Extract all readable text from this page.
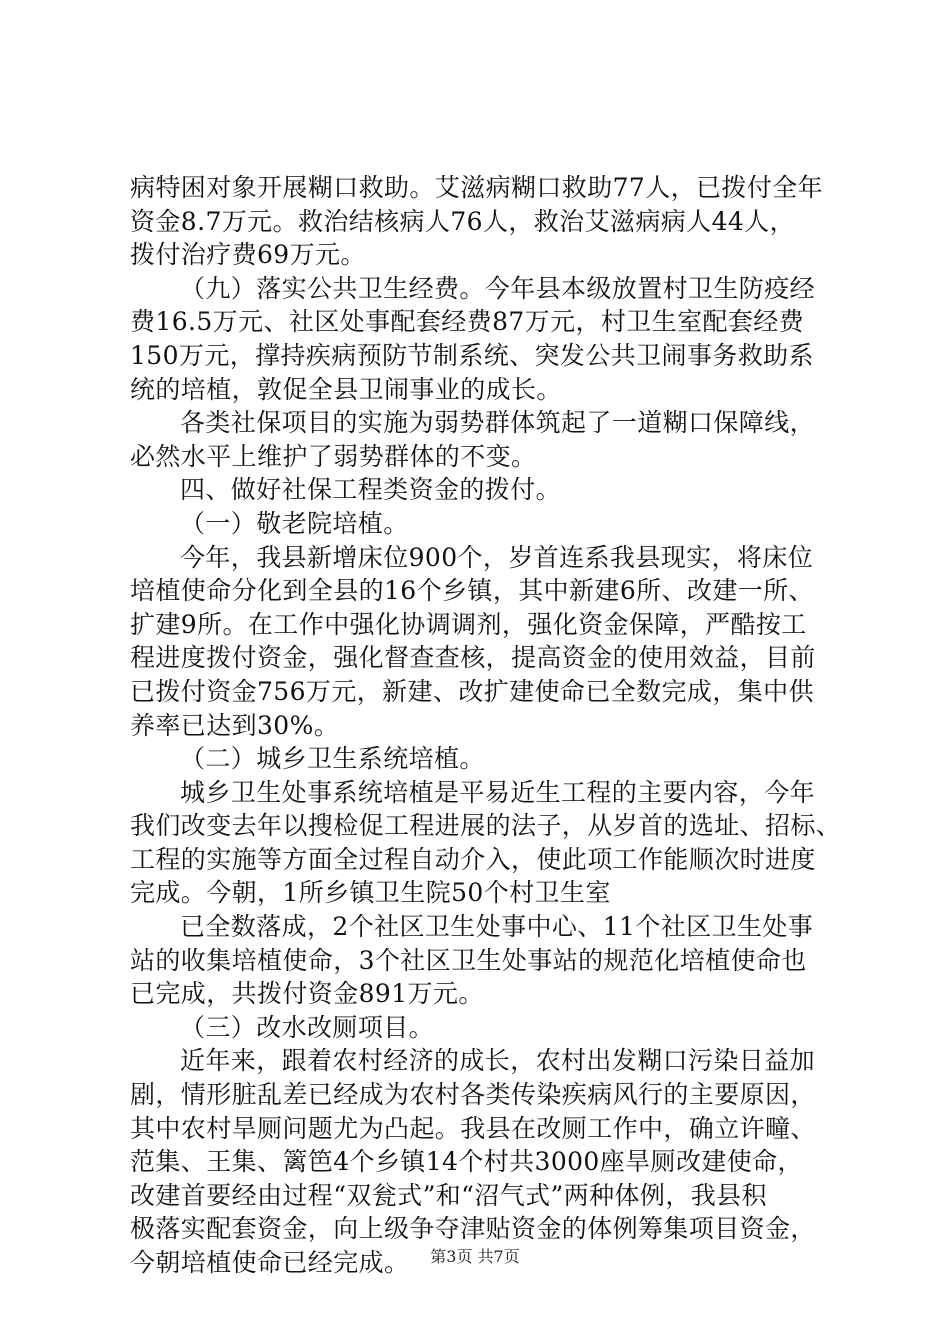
病特困对象开展糊口救助。艾滋病糊口救助77人，已拨付全年
资金8.7万元。救治结核病人76人，救治艾滋病病人44人，
拨付治疗费69万元。
（九）落实公共卫生经费。今年县本级放置村卫生防疫经
费16.5万元、社区处事配套经费87万元，村卫生室配套经费
150万元，撑持疾病预防节制系统、突发公共卫闹事务救助系
统的培植，敦促全县卫闹事业的成长。
各类社保项目的实施为弱势群体筑起了一道糊口保障线，
必然水平上维护了弱势群体的不变。
四、做好社保工程类资金的拨付。
（一）敬老院培植。
今年，我县新增床位900个，岁首连系我县现实，将床位
培植使命分化到全县的16个乡镇，其中新建6所、改建一所、
扩建9所。在工作中强化协调调剂，强化资金保障，严酷按工
程进度拨付资金，强化督查查核，提高资金的使用效益，目前
已拨付资金756万元，新建、改扩建使命已全数完成，集中供
养率已达到30%。
（二）城乡卫生系统培植。
城乡卫生处事系统培植是平易近生工程的主要内容，今年
我们改变去年以搜检促工程进展的法子，从岁首的选址、招标、
工程的实施等方面全过程自动介入，使此项工作能顺次时进度
完成。今朝，1所乡镇卫生院50个村卫生室
已全数落成，2个社区卫生处事中心、11个社区卫生处事
站的收集培植使命，3个社区卫生处事站的规范化培植使命也
已完成，共拨付资金891万元。
（三）改水改厕项目。
近年来，跟着农村经济的成长，农村出发糊口污染日益加
剧，情形脏乱差已经成为农村各类传染疾病风行的主要原因，
其中农村旱厕问题尤为凸起。我县在改厕工作中，确立许疃、
范集、王集、篱笆4个乡镇14个村共3000座旱厕改建使命，
改建首要经由过程“双瓮式”和“沼气式”两种体例，我县积
极落实配套资金，向上级争夺津贴资金的体例筹集项目资金，
今朝培植使命已经完成。	第3页 共7页
